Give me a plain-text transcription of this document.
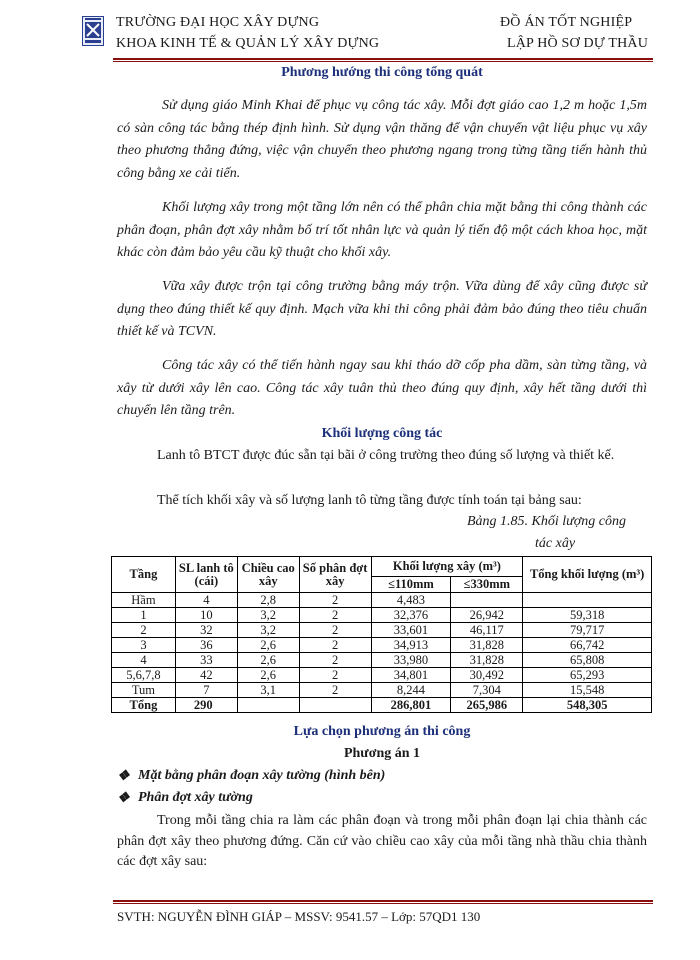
TRƯỜNG ĐẠI HỌC XÂY DỰNG
KHOA KINH TẾ & QUẢN LÝ XÂY DỰNG
ĐỒ ÁN TỐT NGHIỆP
LẬP HỒ SƠ DỰ THẦU
Phương hướng thi công tổng quát
Sử dụng giáo Minh Khai để phục vụ công tác xây. Mỗi đợt giáo cao 1,2 m hoặc 1,5m có sàn công tác bằng thép định hình. Sử dụng vận thăng để vận chuyển vật liệu phục vụ xây theo phương thẳng đứng, việc vận chuyển theo phương ngang trong từng tầng tiến hành thủ công bằng xe cải tiến.
Khối lượng xây trong một tầng lớn nên có thể phân chia mặt bằng thi công thành các phân đoạn, phân đợt xây nhằm bố trí tốt nhân lực và quản lý tiến độ một cách khoa học, mặt khác còn đảm bảo yêu cầu kỹ thuật cho khối xây.
Vữa xây được trộn tại công trường bằng máy trộn. Vữa dùng để xây cũng được sử dụng theo đúng thiết kế quy định. Mạch vữa khi thi công phải đảm bảo đúng theo tiêu chuẩn thiết kế và TCVN.
Công tác xây có thể tiến hành ngay sau khi tháo dỡ cốp pha dầm, sàn từng tầng, và xây từ dưới xây lên cao. Công tác xây tuân thủ theo đúng quy định, xây hết tầng dưới thì chuyển lên tầng trên.
Khối lượng công tác
Lanh tô BTCT được đúc sẵn tại bãi ở công trường theo đúng số lượng và thiết kế.
Thể tích khối xây và số lượng lanh tô từng tầng được tính toán tại bảng sau:
Bảng 1.85. Khối lượng công
tác xây
Tầng	SL lanh tô (cái)	Chiều cao xây	Số phân đợt xây	Khối lượng xây (m³)		Tổng khối lượng (m³)
				≤110mm	≤330mm	
Hầm	4	2,8	2	4,483		
1	10	3,2	2	32,376	26,942	59,318
2	32	3,2	2	33,601	46,117	79,717
3	36	2,6	2	34,913	31,828	66,742
4	33	2,6	2	33,980	31,828	65,808
5,6,7,8	42	2,6	2	34,801	30,492	65,293
Tum	7	3,1	2	8,244	7,304	15,548
Tổng	290			286,801	265,986	548,305
Lựa chọn phương án thi công
Phương án 1
❖ Mặt bằng phân đoạn xây tường (hình bên)
❖ Phân đợt xây tường
Trong mỗi tầng chia ra làm các phân đoạn và trong mỗi phân đoạn lại chia thành các phân đợt xây theo phương đứng. Căn cứ vào chiều cao xây của mỗi tầng nhà thầu chia thành các đợt xây sau:
SVTH: NGUYỄN ĐÌNH GIÁP – MSSV: 9541.57 – Lớp: 57QD1 130
